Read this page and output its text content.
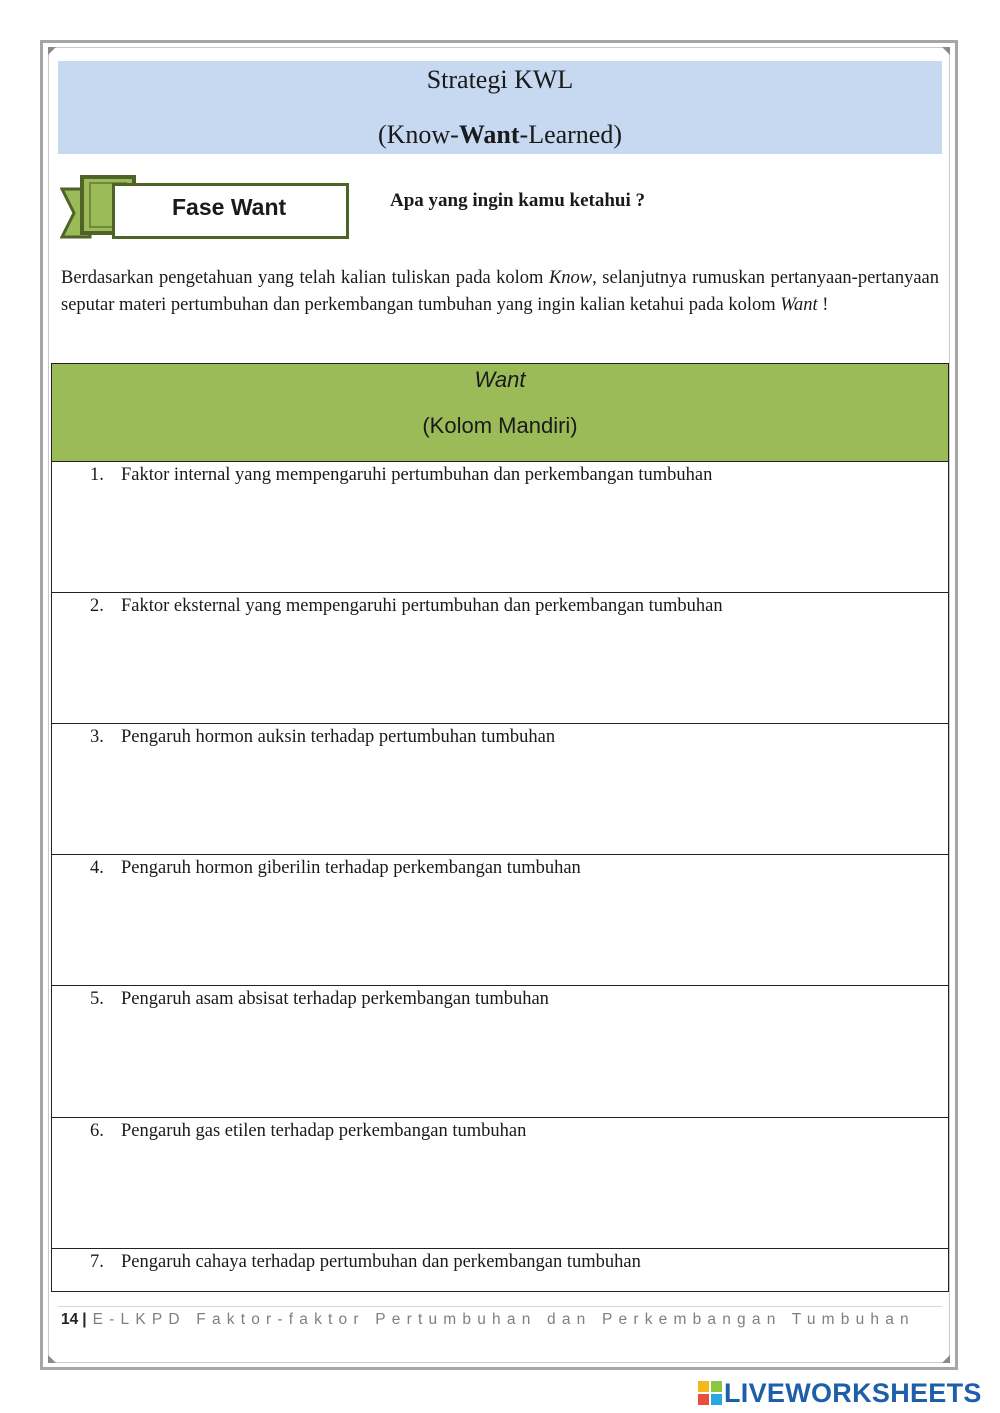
Strategi KWL
(Know-Want-Learned)
Fase Want	Apa yang ingin kamu ketahui ?
Berdasarkan pengetahuan yang telah kalian tuliskan pada kolom Know, selanjutnya rumuskan pertanyaan-pertanyaan seputar materi pertumbuhan dan perkembangan tumbuhan yang ingin kalian ketahui pada kolom Want !
Want
(Kolom Mandiri)
1. Faktor internal yang mempengaruhi pertumbuhan dan perkembangan tumbuhan
2. Faktor eksternal yang mempengaruhi pertumbuhan dan perkembangan tumbuhan
3. Pengaruh hormon auksin terhadap pertumbuhan tumbuhan
4. Pengaruh hormon giberilin terhadap perkembangan tumbuhan
5. Pengaruh asam absisat terhadap perkembangan tumbuhan
6. Pengaruh gas etilen terhadap perkembangan tumbuhan
7. Pengaruh cahaya terhadap pertumbuhan dan perkembangan tumbuhan
14 | E-LKPD Faktor-faktor Pertumbuhan dan Perkembangan Tumbuhan
LIVEWORKSHEETS
